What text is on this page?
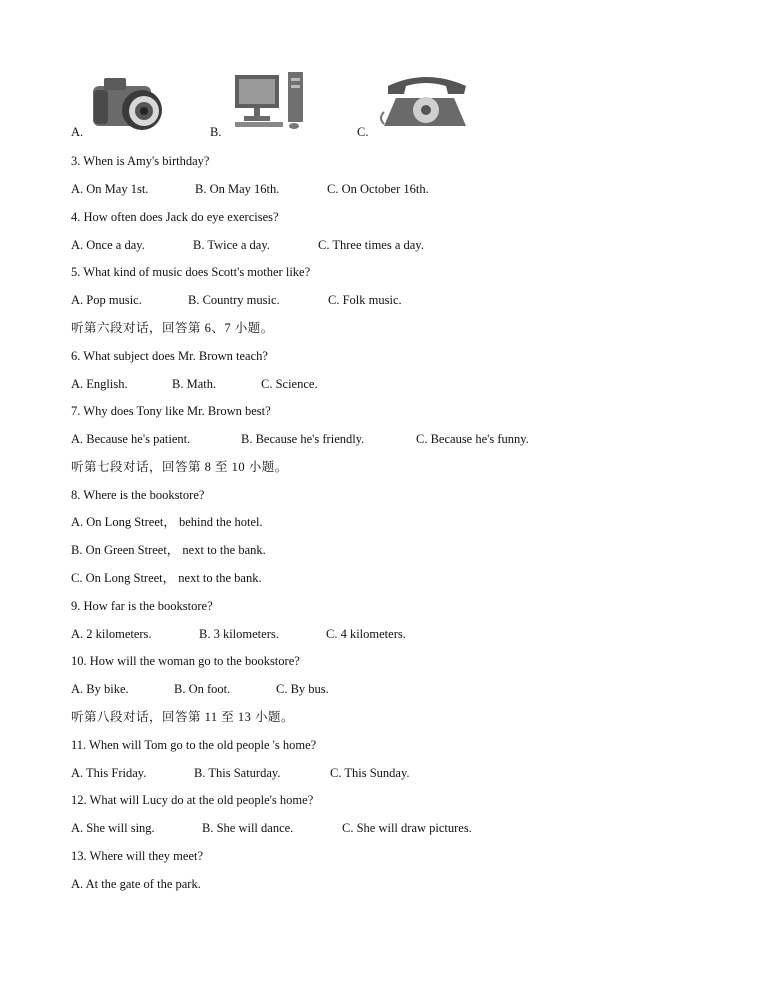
A.	B.	C.
3. When is Amy's birthday?
A. On May 1st.	B. On May 16th.	C. On October 16th.
4. How often does Jack do eye exercises?
A. Once a day.	B. Twice a day.	C. Three times a day.
5. What kind of music does Scott's mother like?
A. Pop music.	B. Country music.	C. Folk music.
听第六段对话，回答第 6、7 小题。
6. What subject does Mr. Brown teach?
A. English.	B. Math.	C. Science.
7. Why does Tony like Mr. Brown best?
A. Because he's patient.	B. Because he's friendly.	C. Because he's funny.
听第七段对话，回答第 8 至 10 小题。
8. Where is the bookstore?
A. On Long Street， behind the hotel.
B. On Green Street， next to the bank.
C. On Long Street， next to the bank.
9. How far is the bookstore?
A. 2 kilometers.	B. 3 kilometers.	C. 4 kilometers.
10. How will the woman go to the bookstore?
A. By bike.	B. On foot.	C. By bus.
听第八段对话，回答第 11 至 13 小题。
11. When will Tom go to the old people 's home?
A. This Friday.	B. This Saturday.	C. This Sunday.
12. What will Lucy do at the old people's home?
A. She will sing.	B. She will dance.	C. She will draw pictures.
13. Where will they meet?
A. At the gate of the park.
